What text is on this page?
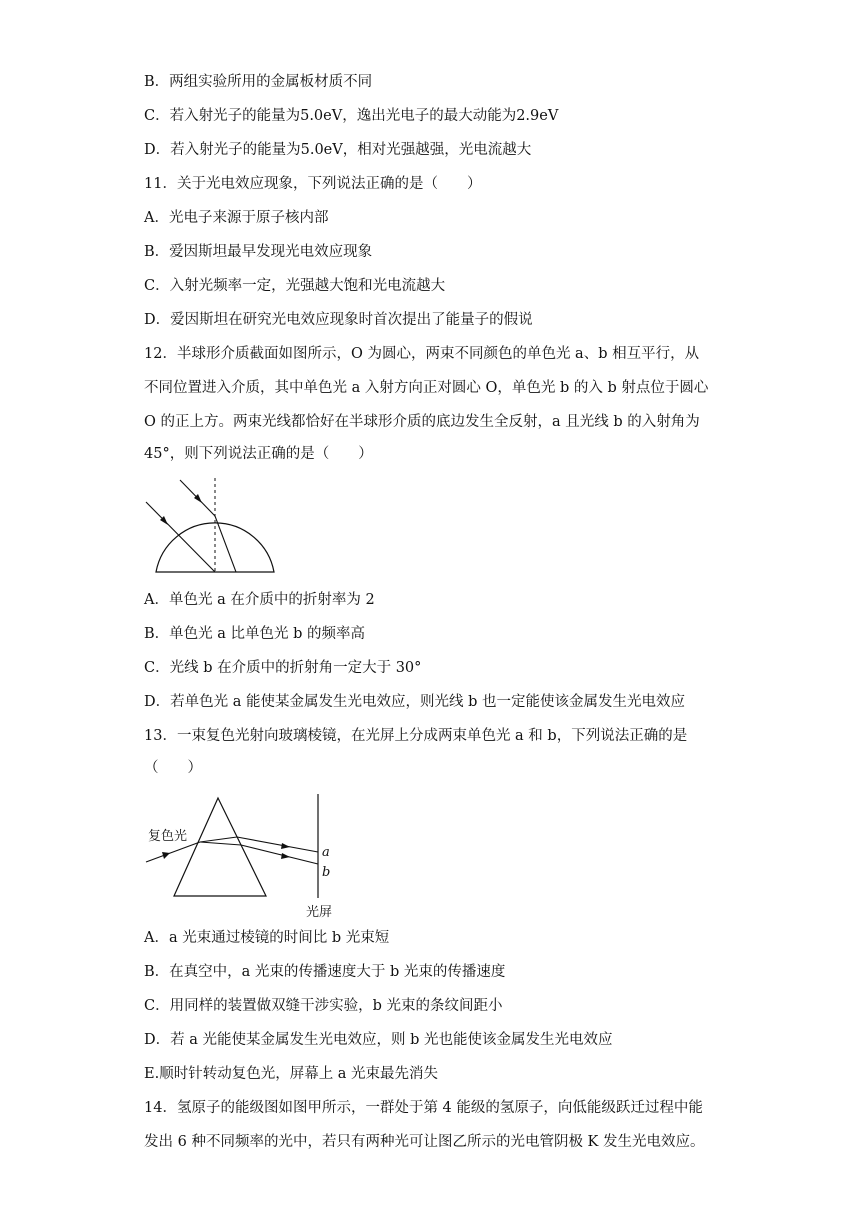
B．两组实验所用的金属板材质不同
C．若入射光子的能量为5.0eV，逸出光电子的最大动能为2.9eV
D．若入射光子的能量为5.0eV，相对光强越强，光电流越大
11．关于光电效应现象，下列说法正确的是（　　）
A．光电子来源于原子核内部
B．爱因斯坦最早发现光电效应现象
C．入射光频率一定，光强越大饱和光电流越大
D．爱因斯坦在研究光电效应现象时首次提出了能量子的假说
12．半球形介质截面如图所示，O 为圆心，两束不同颜色的单色光 a、b 相互平行，从
不同位置进入介质，其中单色光 a 入射方向正对圆心 O，单色光 b 的入 b 射点位于圆心
O 的正上方。两束光线都恰好在半球形介质的底边发生全反射，a 且光线 b 的入射角为
45°，则下列说法正确的是（　　）
A．单色光 a 在介质中的折射率为 2
B．单色光 a 比单色光 b 的频率高
C．光线 b 在介质中的折射角一定大于 30°
D．若单色光 a 能使某金属发生光电效应，则光线 b 也一定能使该金属发生光电效应
13．一束复色光射向玻璃棱镜，在光屏上分成两束单色光 a 和 b，下列说法正确的是
（　　）
复色光
a
b
光屏
A．a 光束通过棱镜的时间比 b 光束短
B．在真空中，a 光束的传播速度大于 b 光束的传播速度
C．用同样的装置做双缝干涉实验，b 光束的条纹间距小
D．若 a 光能使某金属发生光电效应，则 b 光也能使该金属发生光电效应
E.顺时针转动复色光，屏幕上 a 光束最先消失
14．氢原子的能级图如图甲所示，一群处于第 4 能级的氢原子，向低能级跃迁过程中能
发出 6 种不同频率的光中，若只有两种光可让图乙所示的光电管阴极 K 发生光电效应。
